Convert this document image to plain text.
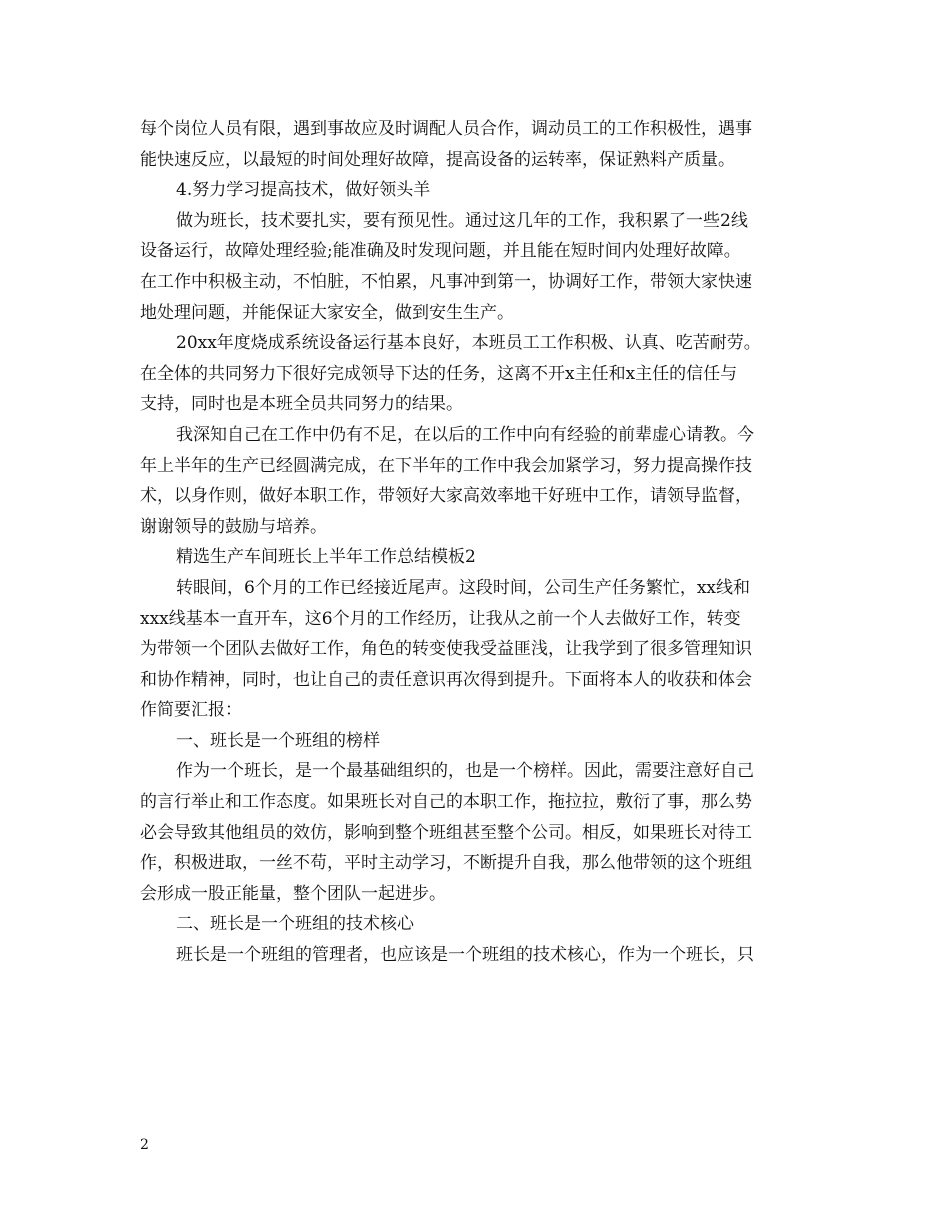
每个岗位人员有限，遇到事故应及时调配人员合作，调动员工的工作积极性，遇事
能快速反应，以最短的时间处理好故障，提高设备的运转率，保证熟料产质量。
4.努力学习提高技术，做好领头羊
做为班长，技术要扎实，要有预见性。通过这几年的工作，我积累了一些2线
设备运行，故障处理经验;能准确及时发现问题，并且能在短时间内处理好故障。
在工作中积极主动，不怕脏，不怕累，凡事冲到第一，协调好工作，带领大家快速
地处理问题，并能保证大家安全，做到安生生产。
20xx年度烧成系统设备运行基本良好，本班员工工作积极、认真、吃苦耐劳。
在全体的共同努力下很好完成领导下达的任务，这离不开x主任和x主任的信任与
支持，同时也是本班全员共同努力的结果。
我深知自己在工作中仍有不足，在以后的工作中向有经验的前辈虚心请教。今
年上半年的生产已经圆满完成，在下半年的工作中我会加紧学习，努力提高操作技
术，以身作则，做好本职工作，带领好大家高效率地干好班中工作，请领导监督，
谢谢领导的鼓励与培养。
精选生产车间班长上半年工作总结模板2
转眼间，6个月的工作已经接近尾声。这段时间，公司生产任务繁忙，xx线和
xxx线基本一直开车，这6个月的工作经历，让我从之前一个人去做好工作，转变
为带领一个团队去做好工作，角色的转变使我受益匪浅，让我学到了很多管理知识
和协作精神，同时，也让自己的责任意识再次得到提升。下面将本人的收获和体会
作简要汇报：
一、班长是一个班组的榜样
作为一个班长，是一个最基础组织的，也是一个榜样。因此，需要注意好自己
的言行举止和工作态度。如果班长对自己的本职工作，拖拉拉，敷衍了事，那么势
必会导致其他组员的效仿，影响到整个班组甚至整个公司。相反，如果班长对待工
作，积极进取，一丝不苟，平时主动学习，不断提升自我，那么他带领的这个班组
会形成一股正能量，整个团队一起进步。
二、班长是一个班组的技术核心
班长是一个班组的管理者，也应该是一个班组的技术核心，作为一个班长，只

2
